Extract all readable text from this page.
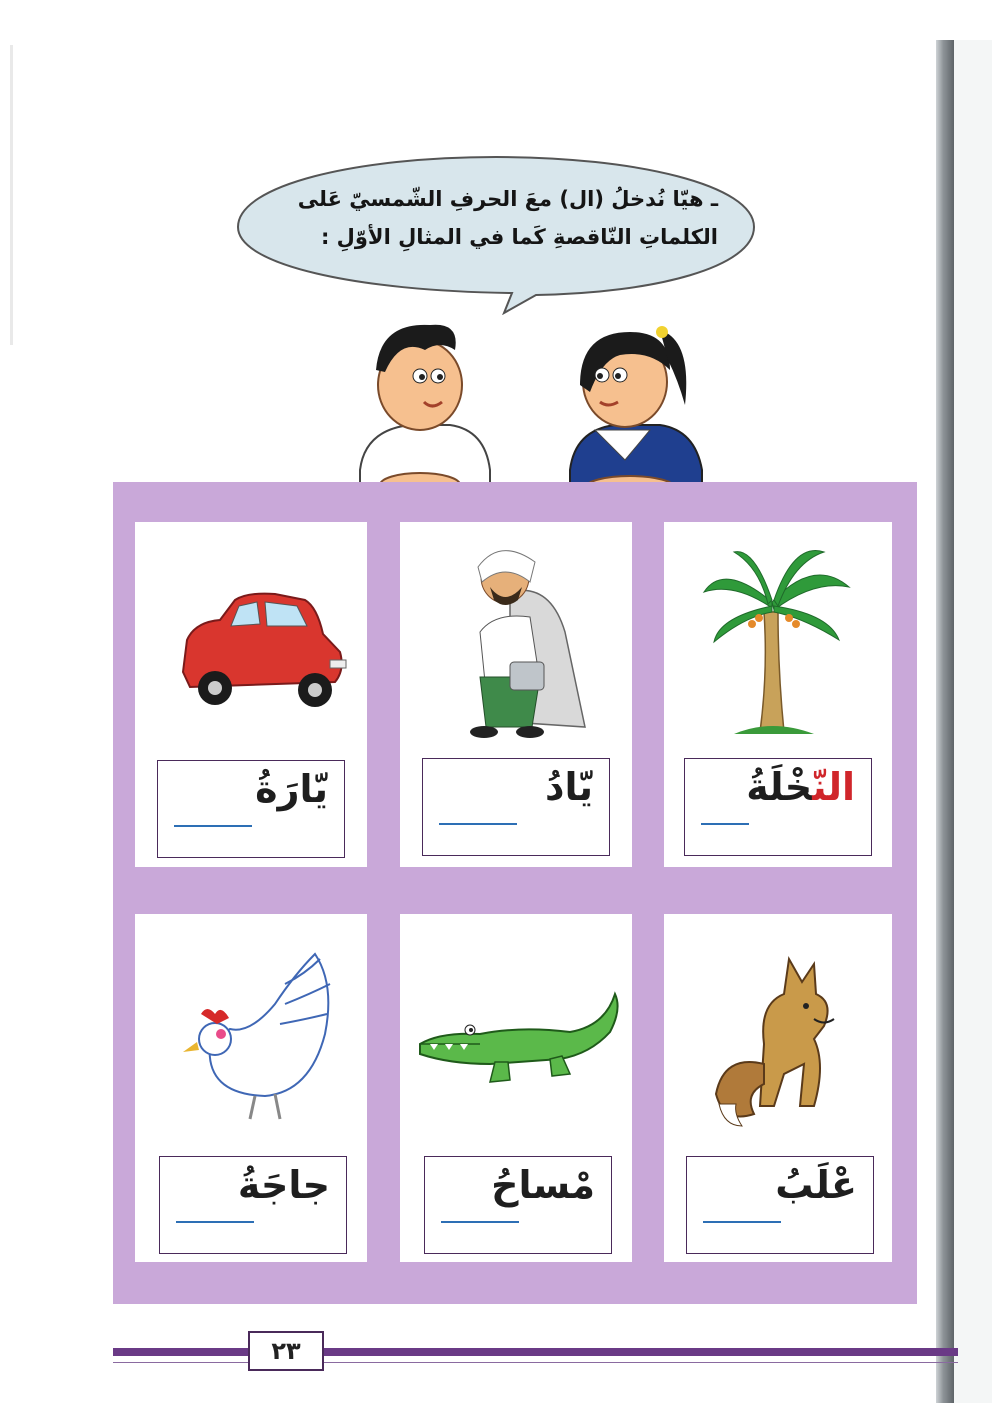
ـ هيّا نُدخلُ (ال) معَ الحرفِ الشّمسيّ عَلى
الكلماتِ النّاقصةِ كَما في المثالِ الأوّلِ :
النّخْلَةُ
يّادُ
يّارَةُ
عْلَبُ
مْساحُ
جاجَةُ
٢٣
